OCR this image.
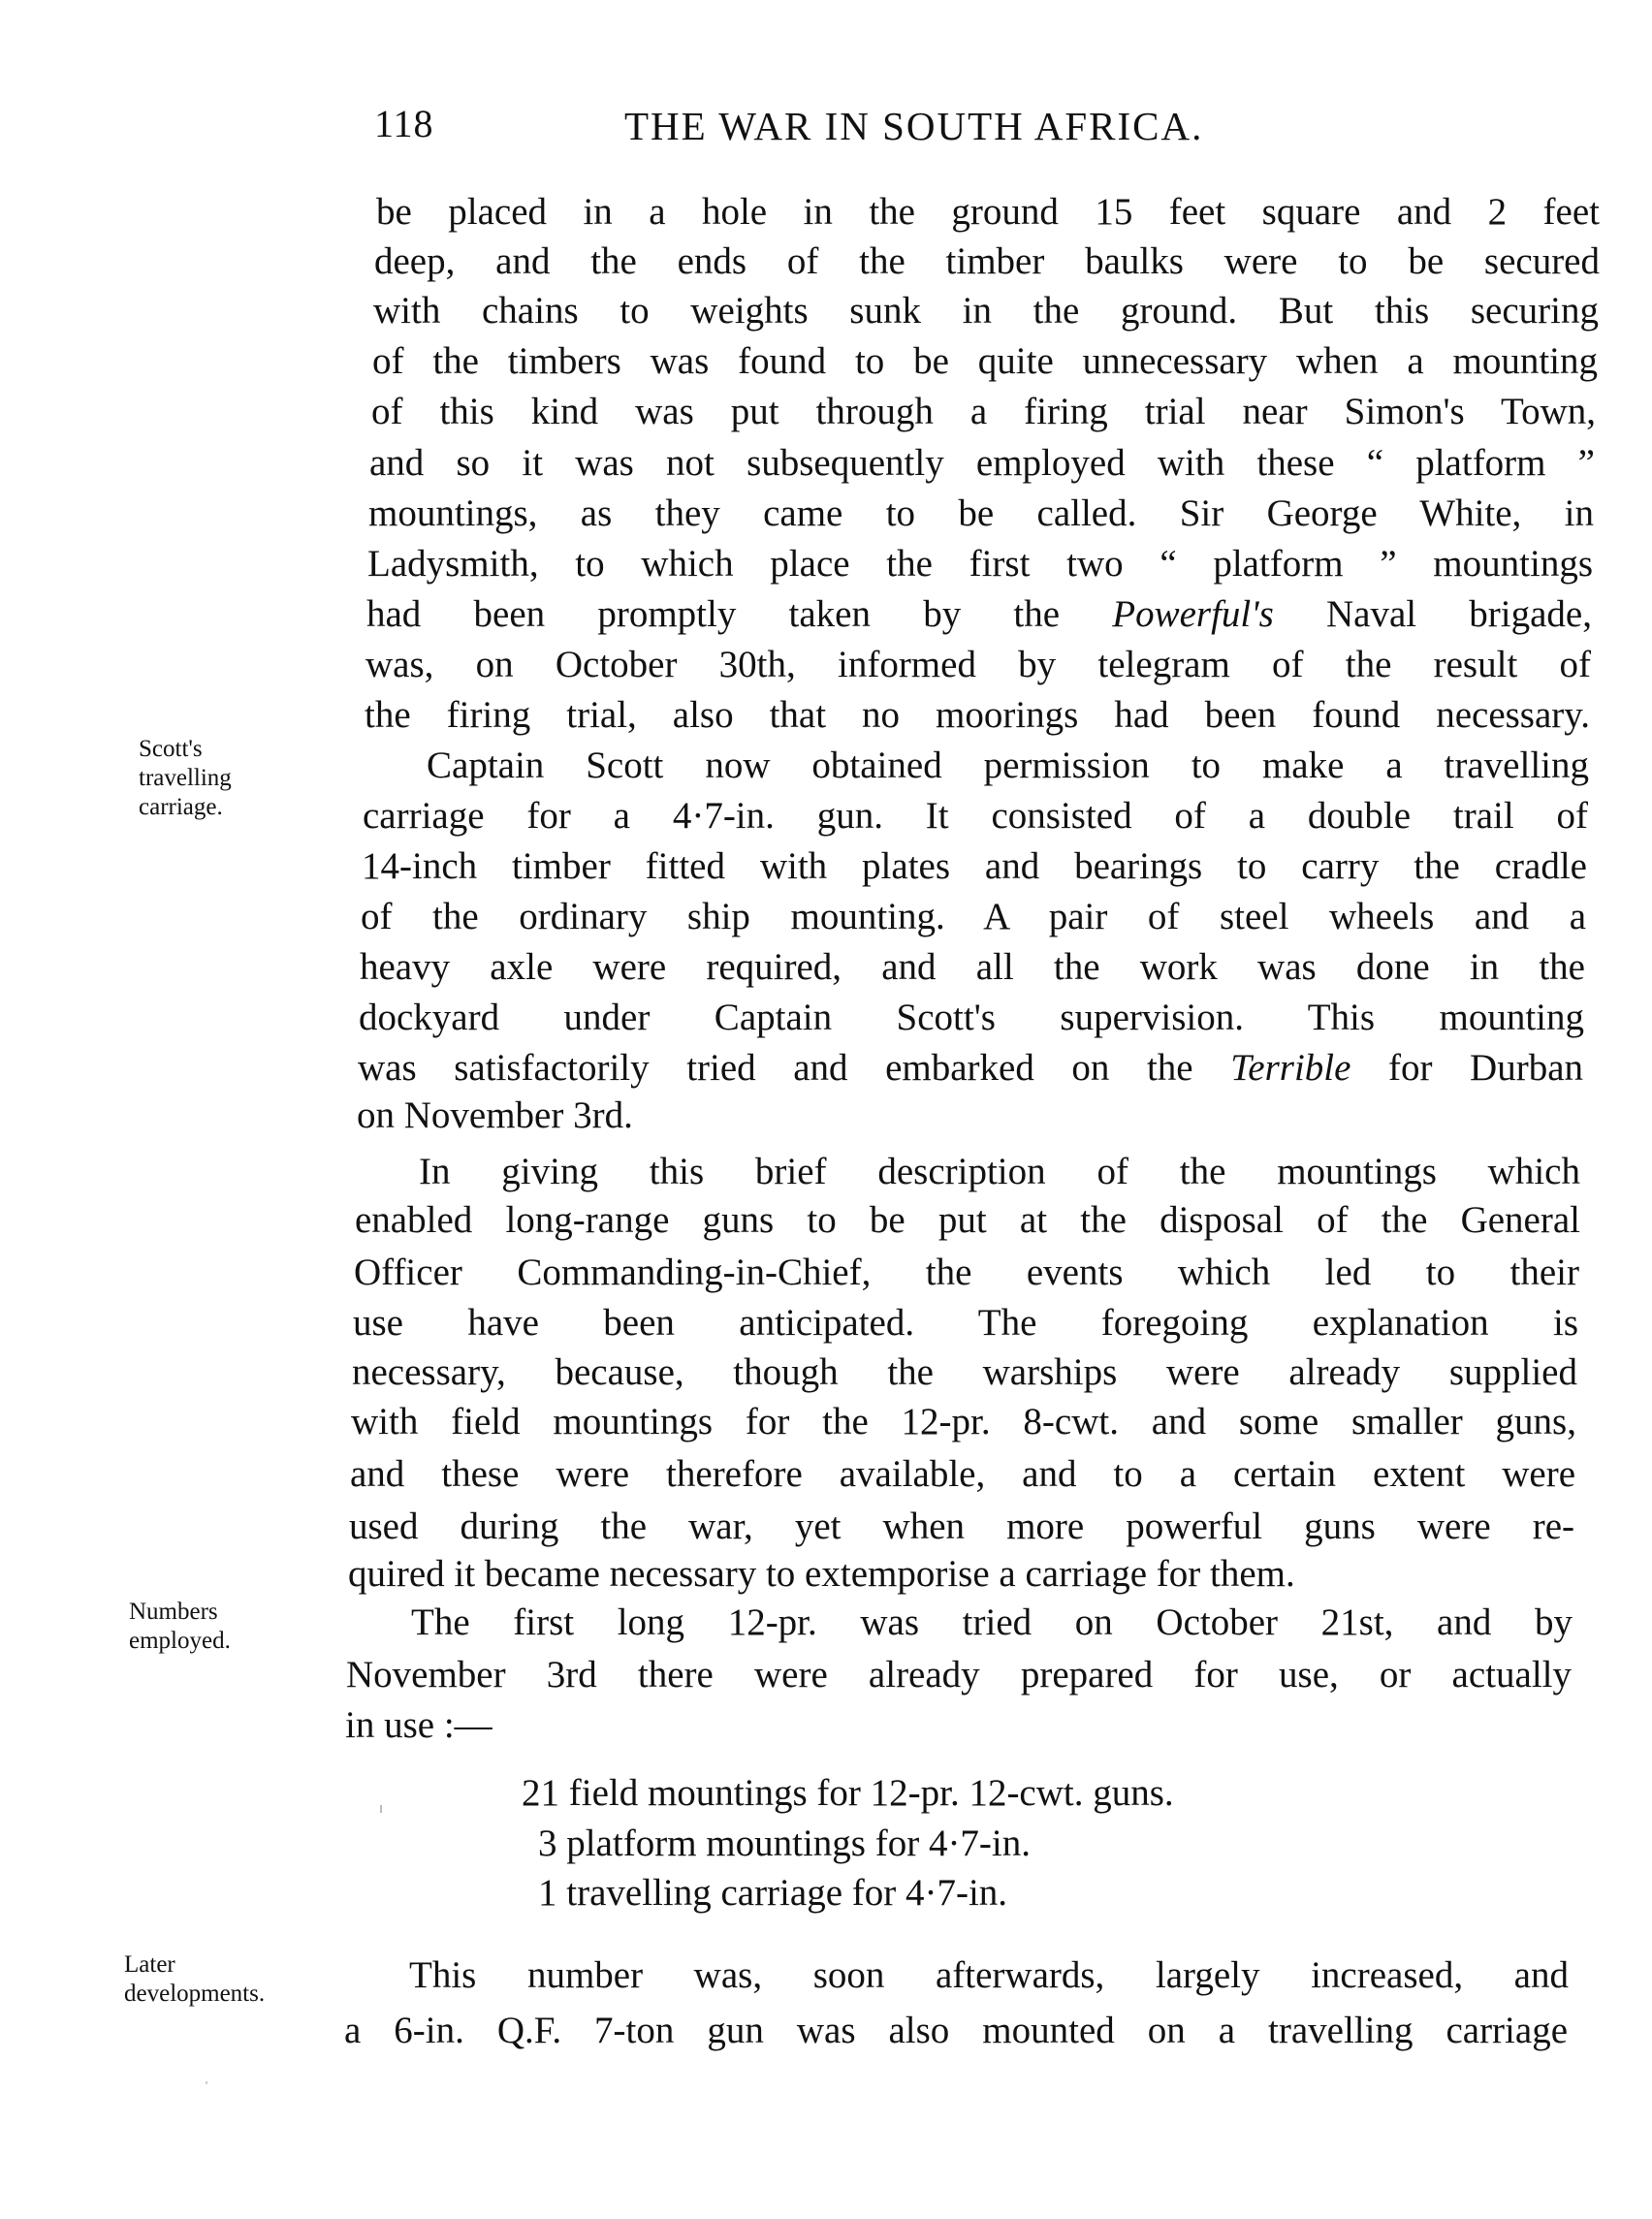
118	THE WAR IN SOUTH AFRICA.
be placed in a hole in the ground 15 feet square and 2 feet
deep, and the ends of the timber baulks were to be secured
with chains to weights sunk in the ground. But this securing
of the timbers was found to be quite unnecessary when a mounting
of this kind was put through a firing trial near Simon's Town,
and so it was not subsequently employed with these “ platform ”
mountings, as they came to be called. Sir George White, in
Ladysmith, to which place the first two “ platform ” mountings
had been promptly taken by the Powerful's Naval brigade,
was, on October 30th, informed by telegram of the result of
the firing trial, also that no moorings had been found necessary.
Scott's
travelling
carriage.
Captain Scott now obtained permission to make a travelling
carriage for a 4·7-in. gun. It consisted of a double trail of
14-inch timber fitted with plates and bearings to carry the cradle
of the ordinary ship mounting. A pair of steel wheels and a
heavy axle were required, and all the work was done in the
dockyard under Captain Scott's supervision. This mounting
was satisfactorily tried and embarked on the Terrible for Durban
on November 3rd.
In giving this brief description of the mountings which
enabled long-range guns to be put at the disposal of the General
Officer Commanding-in-Chief, the events which led to their
use have been anticipated. The foregoing explanation is
necessary, because, though the warships were already supplied
with field mountings for the 12-pr. 8-cwt. and some smaller guns,
and these were therefore available, and to a certain extent were
used during the war, yet when more powerful guns were re-
quired it became necessary to extemporise a carriage for them.
Numbers
employed.	The first long 12-pr. was tried on October 21st, and by
November 3rd there were already prepared for use, or actually
in use :—
21 field mountings for 12-pr. 12-cwt. guns.
3 platform mountings for 4·7-in.
1 travelling carriage for 4·7-in.
Later
developments.	This number was, soon afterwards, largely increased, and
a 6-in. Q.F. 7-ton gun was also mounted on a travelling carriage
